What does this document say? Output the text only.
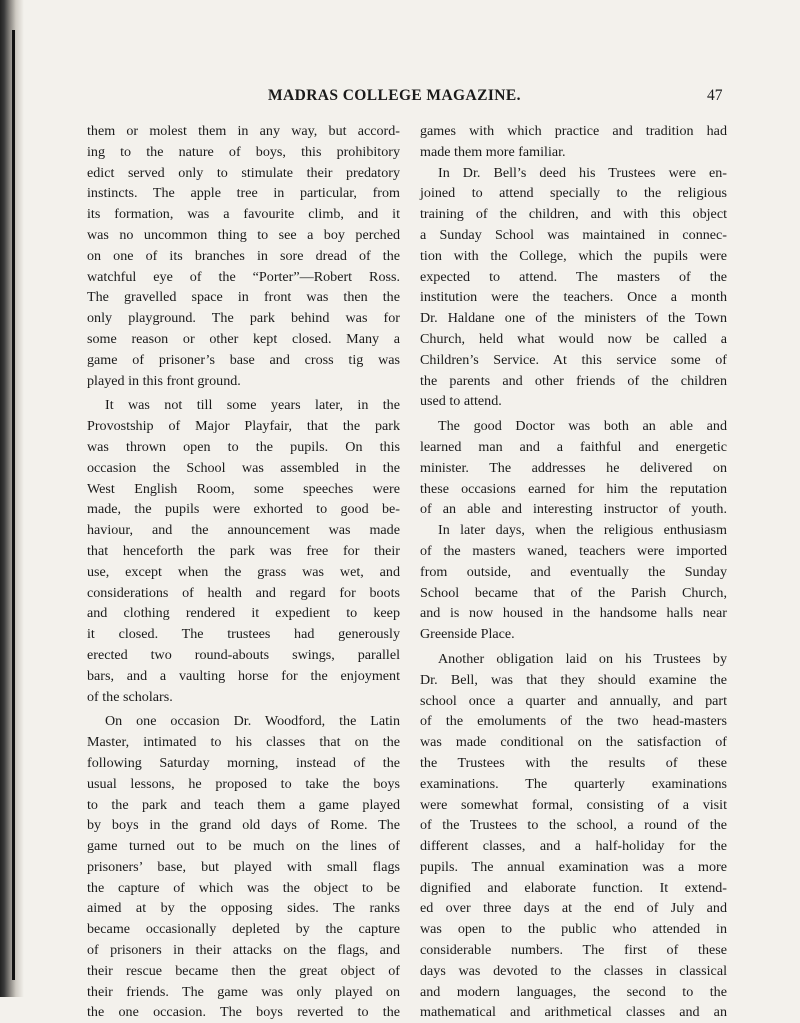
MADRAS COLLEGE MAGAZINE.	47
them or molest them in any way, but accord-
ing to the nature of boys, this prohibitory
edict served only to stimulate their predatory
instincts. The apple tree in particular, from
its formation, was a favourite climb, and it
was no uncommon thing to see a boy perched
on one of its branches in sore dread of the
watchful eye of the “Porter”—Robert Ross.
The gravelled space in front was then the
only playground. The park behind was for
some reason or other kept closed. Many a
game of prisoner’s base and cross tig was
played in this front ground.
It was not till some years later, in the
Provostship of Major Playfair, that the park
was thrown open to the pupils. On this
occasion the School was assembled in the
West English Room, some speeches were
made, the pupils were exhorted to good be-
haviour, and the announcement was made
that henceforth the park was free for their
use, except when the grass was wet, and
considerations of health and regard for boots
and clothing rendered it expedient to keep
it closed. The trustees had generously
erected two round-abouts swings, parallel
bars, and a vaulting horse for the enjoyment
of the scholars.
On one occasion Dr. Woodford, the Latin
Master, intimated to his classes that on the
following Saturday morning, instead of the
usual lessons, he proposed to take the boys
to the park and teach them a game played
by boys in the grand old days of Rome. The
game turned out to be much on the lines of
prisoners’ base, but played with small flags
the capture of which was the object to be
aimed at by the opposing sides. The ranks
became occasionally depleted by the capture
of prisoners in their attacks on the flags, and
their rescue became then the great object of
their friends. The game was only played on
the one occasion. The boys reverted to the
games with which practice and tradition had
made them more familiar.
In Dr. Bell’s deed his Trustees were en-
joined to attend specially to the religious
training of the children, and with this object
a Sunday School was maintained in connec-
tion with the College, which the pupils were
expected to attend. The masters of the
institution were the teachers. Once a month
Dr. Haldane one of the ministers of the Town
Church, held what would now be called a
Children’s Service. At this service some of
the parents and other friends of the children
used to attend.
The good Doctor was both an able and
learned man and a faithful and energetic
minister. The addresses he delivered on
these occasions earned for him the reputation
of an able and interesting instructor of youth.
In later days, when the religious enthusiasm
of the masters waned, teachers were imported
from outside, and eventually the Sunday
School became that of the Parish Church,
and is now housed in the handsome halls near
Greenside Place.
Another obligation laid on his Trustees by
Dr. Bell, was that they should examine the
school once a quarter and annually, and part
of the emoluments of the two head-masters
was made conditional on the satisfaction of
the Trustees with the results of these
examinations. The quarterly examinations
were somewhat formal, consisting of a visit
of the Trustees to the school, a round of the
different classes, and a half-holiday for the
pupils. The annual examination was a more
dignified and elaborate function. It extend-
ed over three days at the end of July and
was open to the public who attended in
considerable numbers. The first of these
days was devoted to the classes in classical
and modern languages, the second to the
mathematical and arithmetical classes and an
